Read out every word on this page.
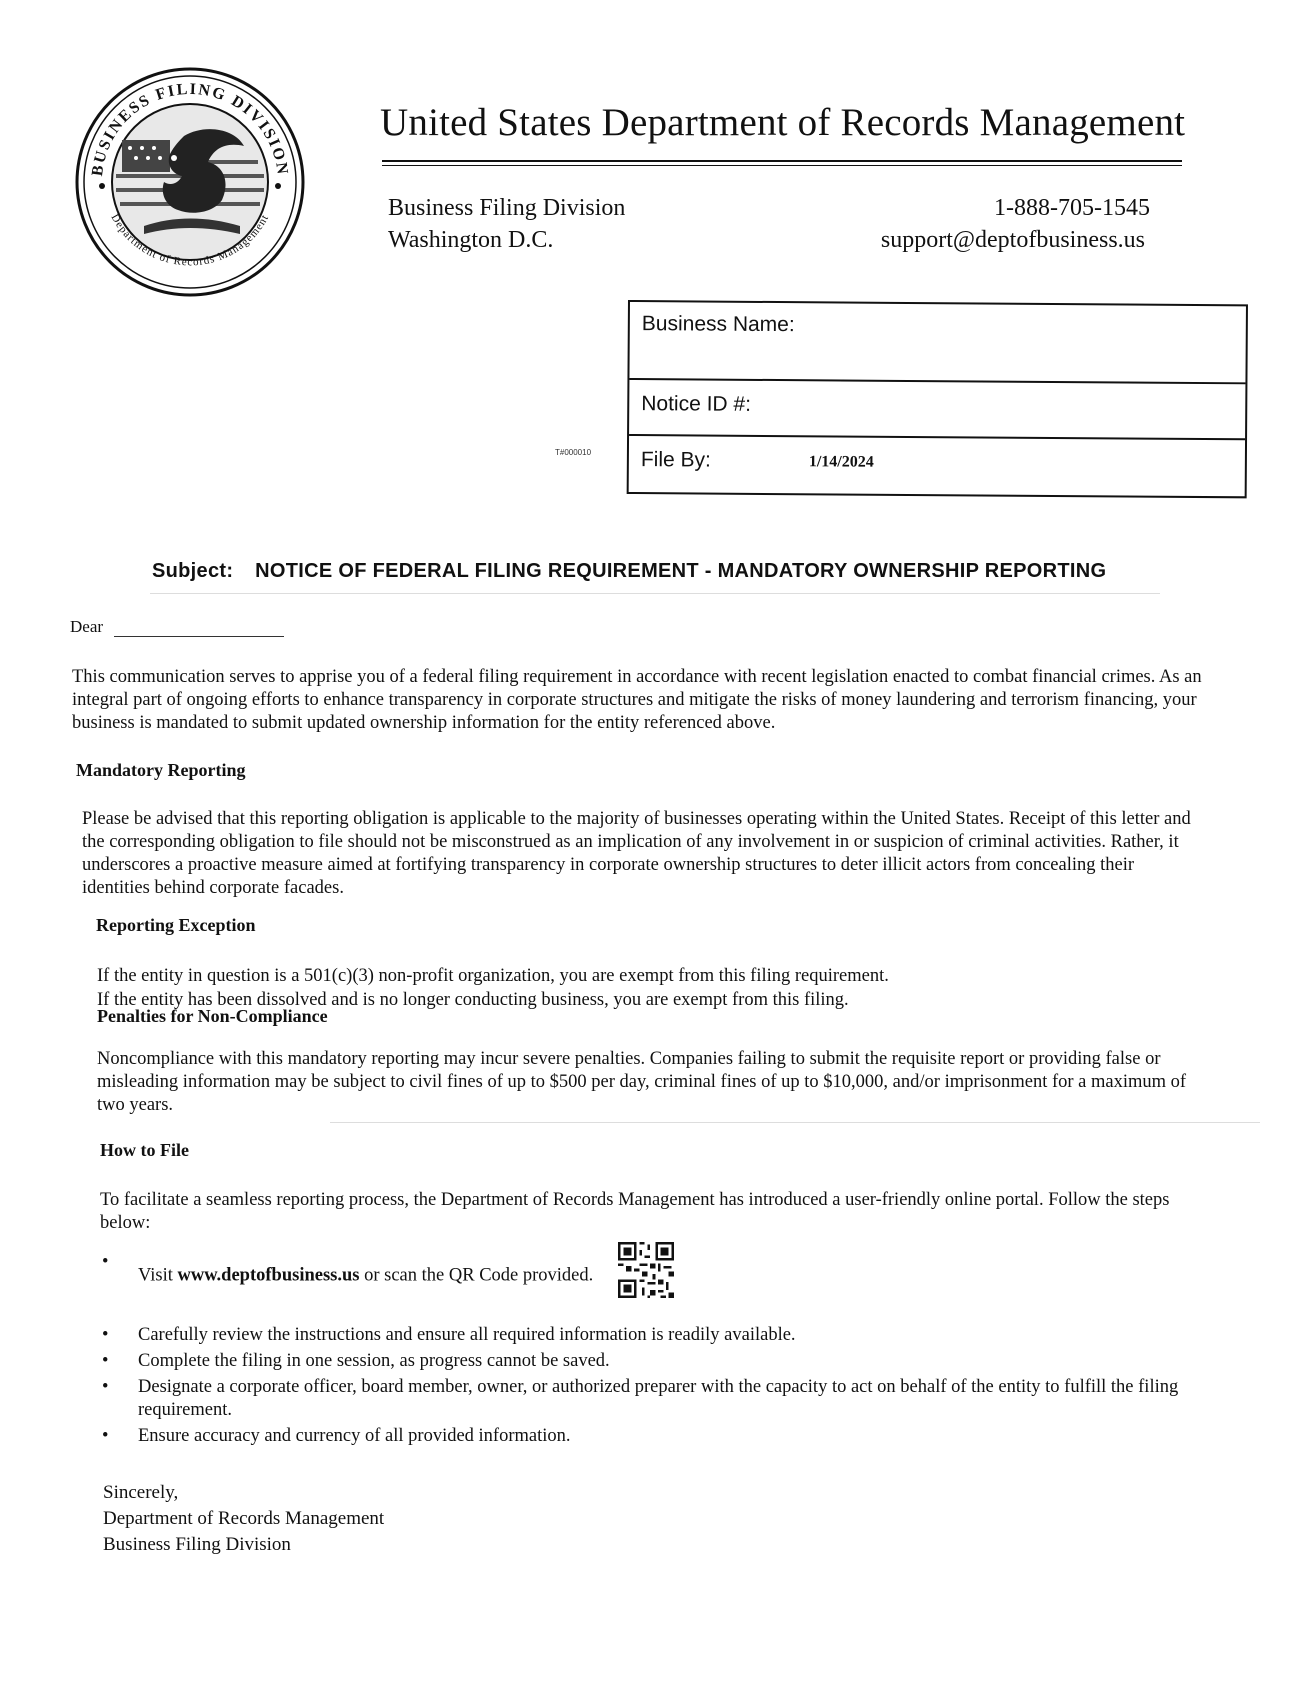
BUSINESS FILING DIVISION
Department of Records Management
United States Department of Records Management
Business Filing Division
Washington D.C.
1-888-705-1545
support@deptofbusiness.us
Business Name:
Notice ID #:
File By:	1/14/2024
T#000010
Subject: NOTICE OF FEDERAL FILING REQUIREMENT - MANDATORY OWNERSHIP REPORTING
Dear
This communication serves to apprise you of a federal filing requirement in accordance with recent legislation enacted to combat financial crimes. As an integral part of ongoing efforts to enhance transparency in corporate structures and mitigate the risks of money laundering and terrorism financing, your business is mandated to submit updated ownership information for the entity referenced above.
Mandatory Reporting
Please be advised that this reporting obligation is applicable to the majority of businesses operating within the United States. Receipt of this letter and the corresponding obligation to file should not be misconstrued as an implication of any involvement in or suspicion of criminal activities. Rather, it underscores a proactive measure aimed at fortifying transparency in corporate ownership structures to deter illicit actors from concealing their identities behind corporate facades.
Reporting Exception
If the entity in question is a 501(c)(3) non-profit organization, you are exempt from this filing requirement.
If the entity has been dissolved and is no longer conducting business, you are exempt from this filing.
Penalties for Non-Compliance
Noncompliance with this mandatory reporting may incur severe penalties. Companies failing to submit the requisite report or providing false or misleading information may be subject to civil fines of up to $500 per day, criminal fines of up to $10,000, and/or imprisonment for a maximum of two years.
How to File
To facilitate a seamless reporting process, the Department of Records Management has introduced a user-friendly online portal. Follow the steps below:
• Visit www.deptofbusiness.us or scan the QR Code provided.
• Carefully review the instructions and ensure all required information is readily available.
• Complete the filing in one session, as progress cannot be saved.
• Designate a corporate officer, board member, owner, or authorized preparer with the capacity to act on behalf of the entity to fulfill the filing requirement.
• Ensure accuracy and currency of all provided information.
Sincerely,
Department of Records Management
Business Filing Division
